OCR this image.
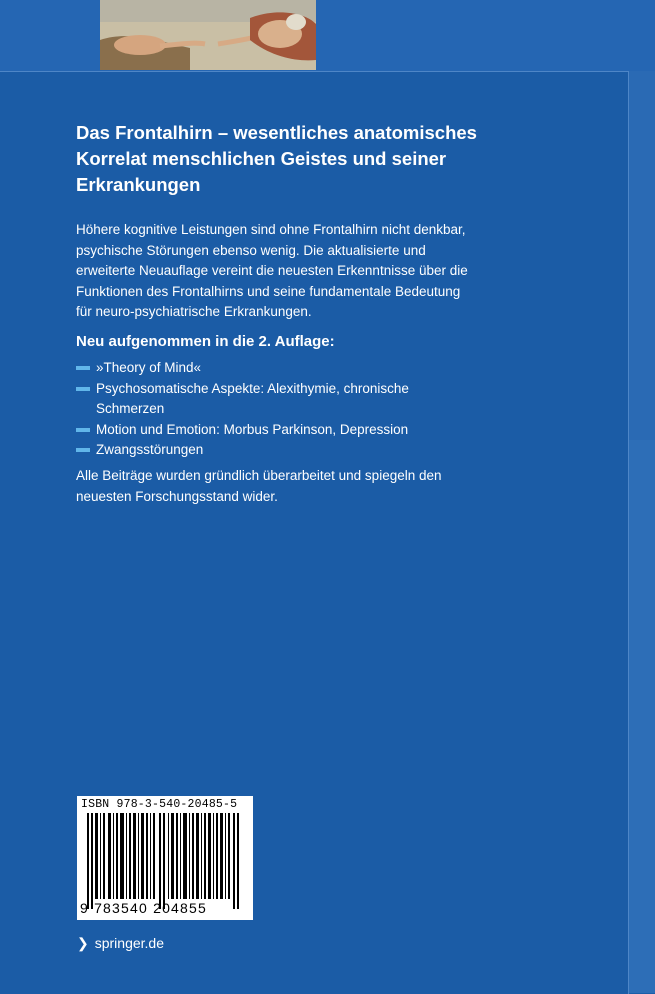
Das Frontalhirn – wesentliches anatomisches Korrelat menschlichen Geistes und seiner Erkrankungen
Höhere kognitive Leistungen sind ohne Frontalhirn nicht denkbar, psychische Störungen ebenso wenig. Die aktualisierte und erweiterte Neuauflage vereint die neuesten Erkenntnisse über die Funktionen des Frontalhirns und seine fundamentale Bedeutung für neuro-psychiatrische Erkrankungen.
Neu aufgenommen in die 2. Auflage:
»Theory of Mind«
Psychosomatische Aspekte: Alexithymie, chronische Schmerzen
Motion und Emotion: Morbus Parkinson, Depression
Zwangsstörungen
Alle Beiträge wurden gründlich überarbeitet und spiegeln den neuesten Forschungsstand wider.
ISBN 978-3-540-20485-5
9 783540 204855
❯ springer.de
